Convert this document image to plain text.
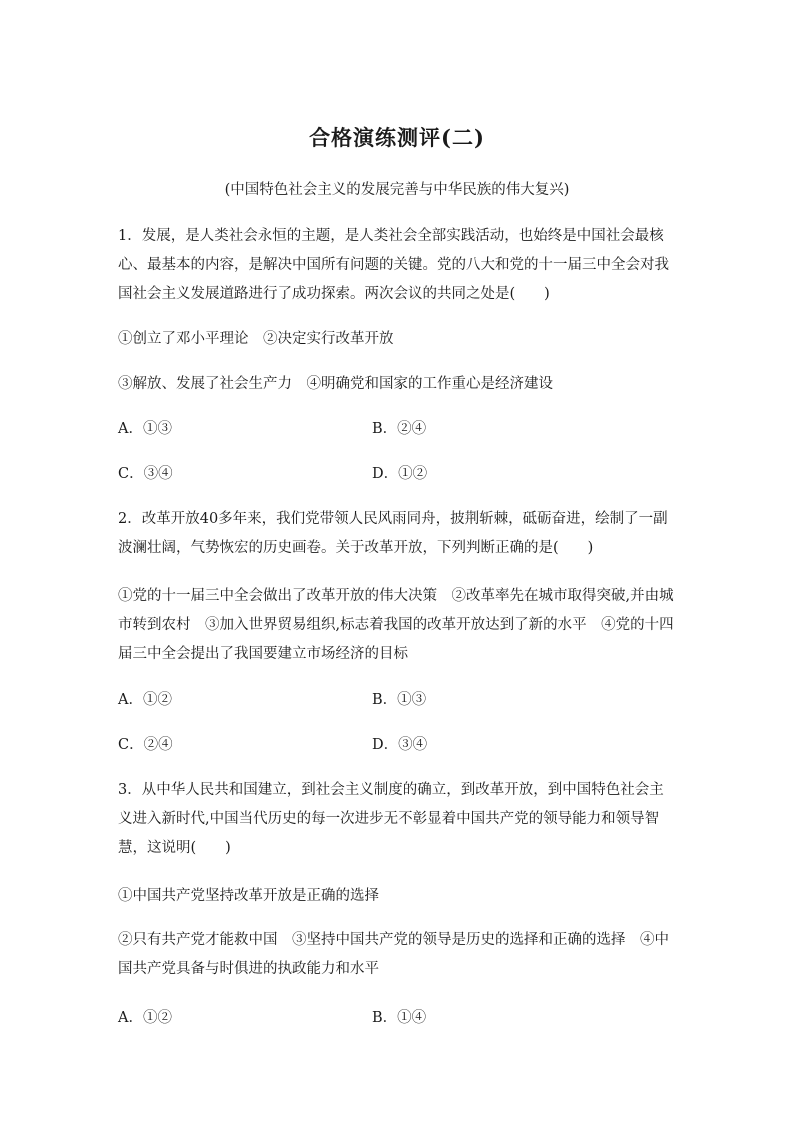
合格演练测评(二)
(中国特色社会主义的发展完善与中华民族的伟大复兴)
1．发展，是人类社会永恒的主题，是人类社会全部实践活动，也始终是中国社会最核心、最基本的内容，是解决中国所有问题的关键。党的八大和党的十一届三中全会对我国社会主义发展道路进行了成功探索。两次会议的共同之处是(　　)
①创立了邓小平理论　②决定实行改革开放
③解放、发展了社会生产力　④明确党和国家的工作重心是经济建设
A．①③	B．②④
C．③④	D．①②
2．改革开放40多年来，我们党带领人民风雨同舟，披荆斩棘，砥砺奋进，绘制了一副波澜壮阔，气势恢宏的历史画卷。关于改革开放，下列判断正确的是(　　)
①党的十一届三中全会做出了改革开放的伟大决策　②改革率先在城市取得突破,并由城市转到农村　③加入世界贸易组织,标志着我国的改革开放达到了新的水平　④党的十四届三中全会提出了我国要建立市场经济的目标
A．①②	B．①③
C．②④	D．③④
3．从中华人民共和国建立，到社会主义制度的确立，到改革开放，到中国特色社会主义进入新时代,中国当代历史的每一次进步无不彰显着中国共产党的领导能力和领导智慧，这说明(　　)
①中国共产党坚持改革开放是正确的选择
②只有共产党才能救中国　③坚持中国共产党的领导是历史的选择和正确的选择　④中国共产党具备与时俱进的执政能力和水平
A．①②	B．①④
